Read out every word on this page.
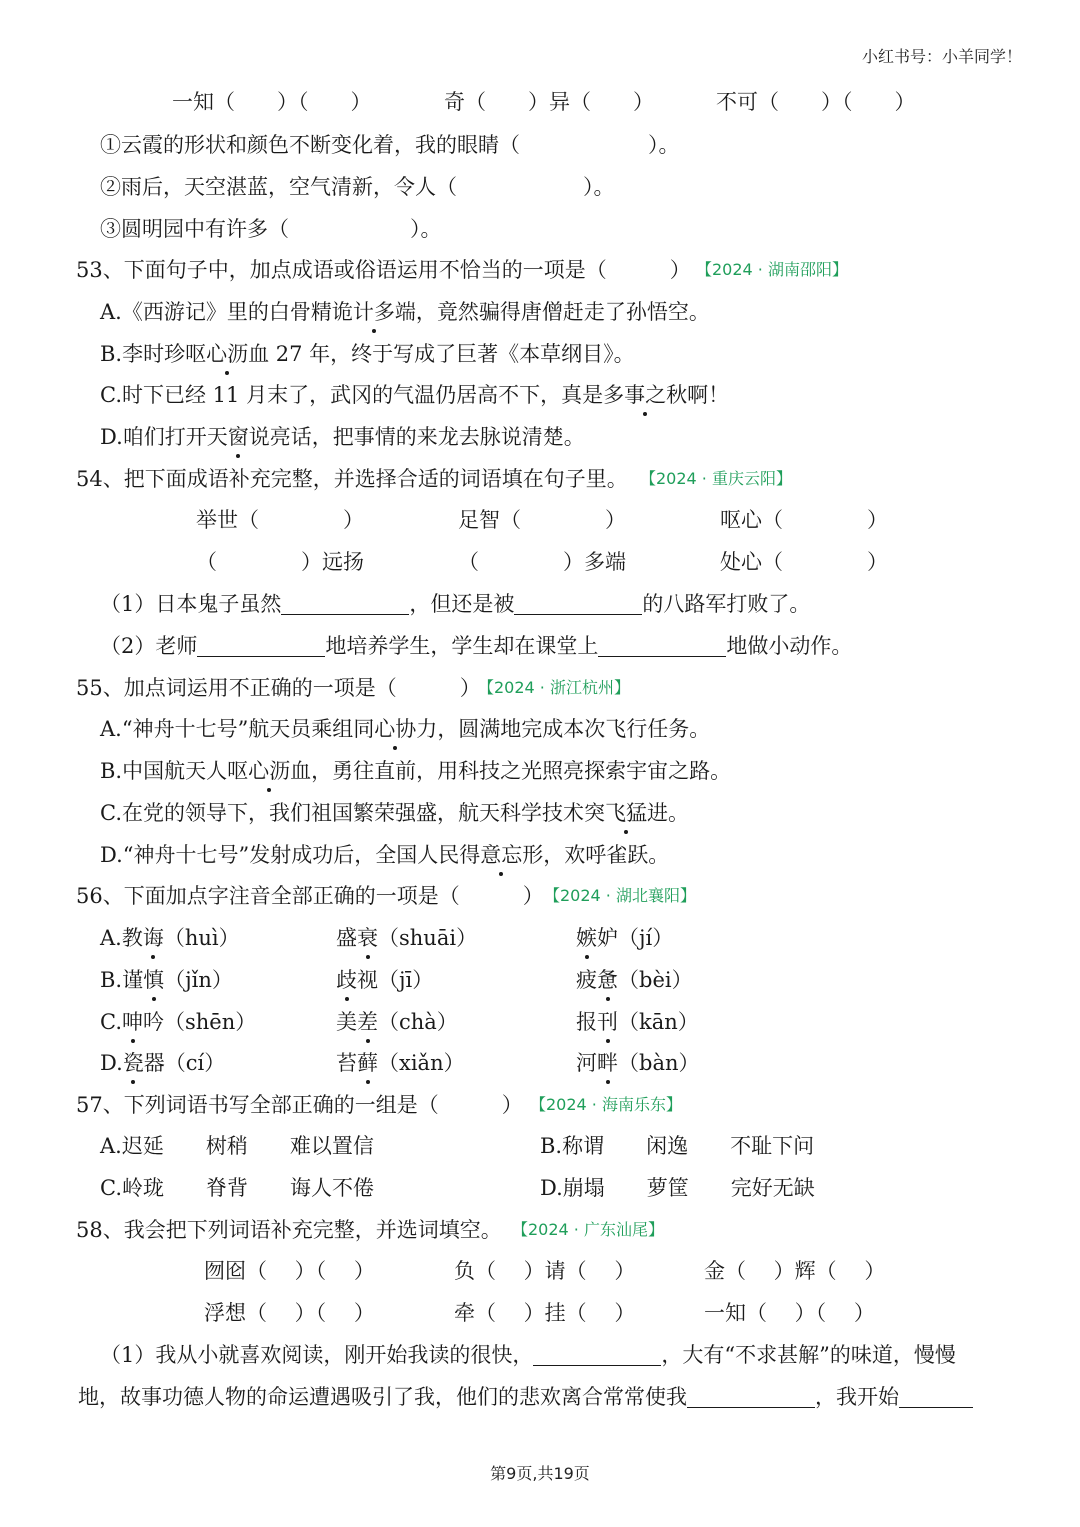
小红书号：小羊同学！
一知（　　）（　　）	奇（　　）异（　　）	不可（　　）（　　）
①云霞的形状和颜色不断变化着，我的眼睛（	）。
②雨后，天空湛蓝，空气清新，令人（	）。
③圆明园中有许多（	）。
53、下面句子中，加点成语或俗语运用不恰当的一项是（　　　） 【2024 · 湖南邵阳】
A.《西游记》里的白骨精诡计多端，竟然骗得唐僧赶走了孙悟空。
B.李时珍呕心沥血 27 年，终于写成了巨著《本草纲目》。
C.时下已经 11 月末了，武冈的气温仍居高不下，真是多事之秋啊！
D.咱们打开天窗说亮话，把事情的来龙去脉说清楚。
54、把下面成语补充完整，并选择合适的词语填在句子里。 【2024 · 重庆云阳】
举世（　　　　）	足智（　　　　）	呕心（　　　　）
（　　　　）远扬	（　　　　）多端	处心（　　　　）
（1）日本鬼子虽然	，但还是被	的八路军打败了。
（2）老师	地培养学生，学生却在课堂上	地做小动作。
55、加点词运用不正确的一项是（　　　）
【2024 · 浙江杭州】
A.“神舟十七号”航天员乘组同心协力，圆满地完成本次飞行任务。
B.中国航天人呕心沥血，勇往直前，用科技之光照亮探索宇宙之路。
C.在党的领导下，我们祖国繁荣强盛，航天科学技术突飞猛进。
D.“神舟十七号”发射成功后，全国人民得意忘形，欢呼雀跃。
56、下面加点字注音全部正确的一项是（　　　） 【2024 · 湖北襄阳】
A.教诲（huì）	盛衰（shuāi）	嫉妒（jí）
B.谨慎（jǐn）	歧视（jī）	疲惫（bèi）
C.呻吟（shēn）	美差（chà）	报刊（kān）
D.瓷器（cí）	苔藓（xiǎn）	河畔（bàn）
57、下列词语书写全部正确的一组是（　　　） 【2024 · 海南乐东】
A.迟延　　树稍　　难以置信	B.称谓　　闲逸　　不耻下问
C.岭珑　　脊背　　诲人不倦	D.崩塌　　萝筐　　完好无缺
58、我会把下列词语补充完整，并选词填空。 【2024 · 广东汕尾】
囫囵（　 ）（　 ）	负（　 ）请（　 ）	金（　 ）辉（　 ）
浮想（　 ）（　 ）	牵（　 ）挂（　 ）	一知（　 ）（　 ）
（1）我从小就喜欢阅读，刚开始我读的很快，	，大有“不求甚解”的味道，慢慢
地，故事功德人物的命运遭遇吸引了我，他们的悲欢离合常常使我	，我开始
第9页,共19页
